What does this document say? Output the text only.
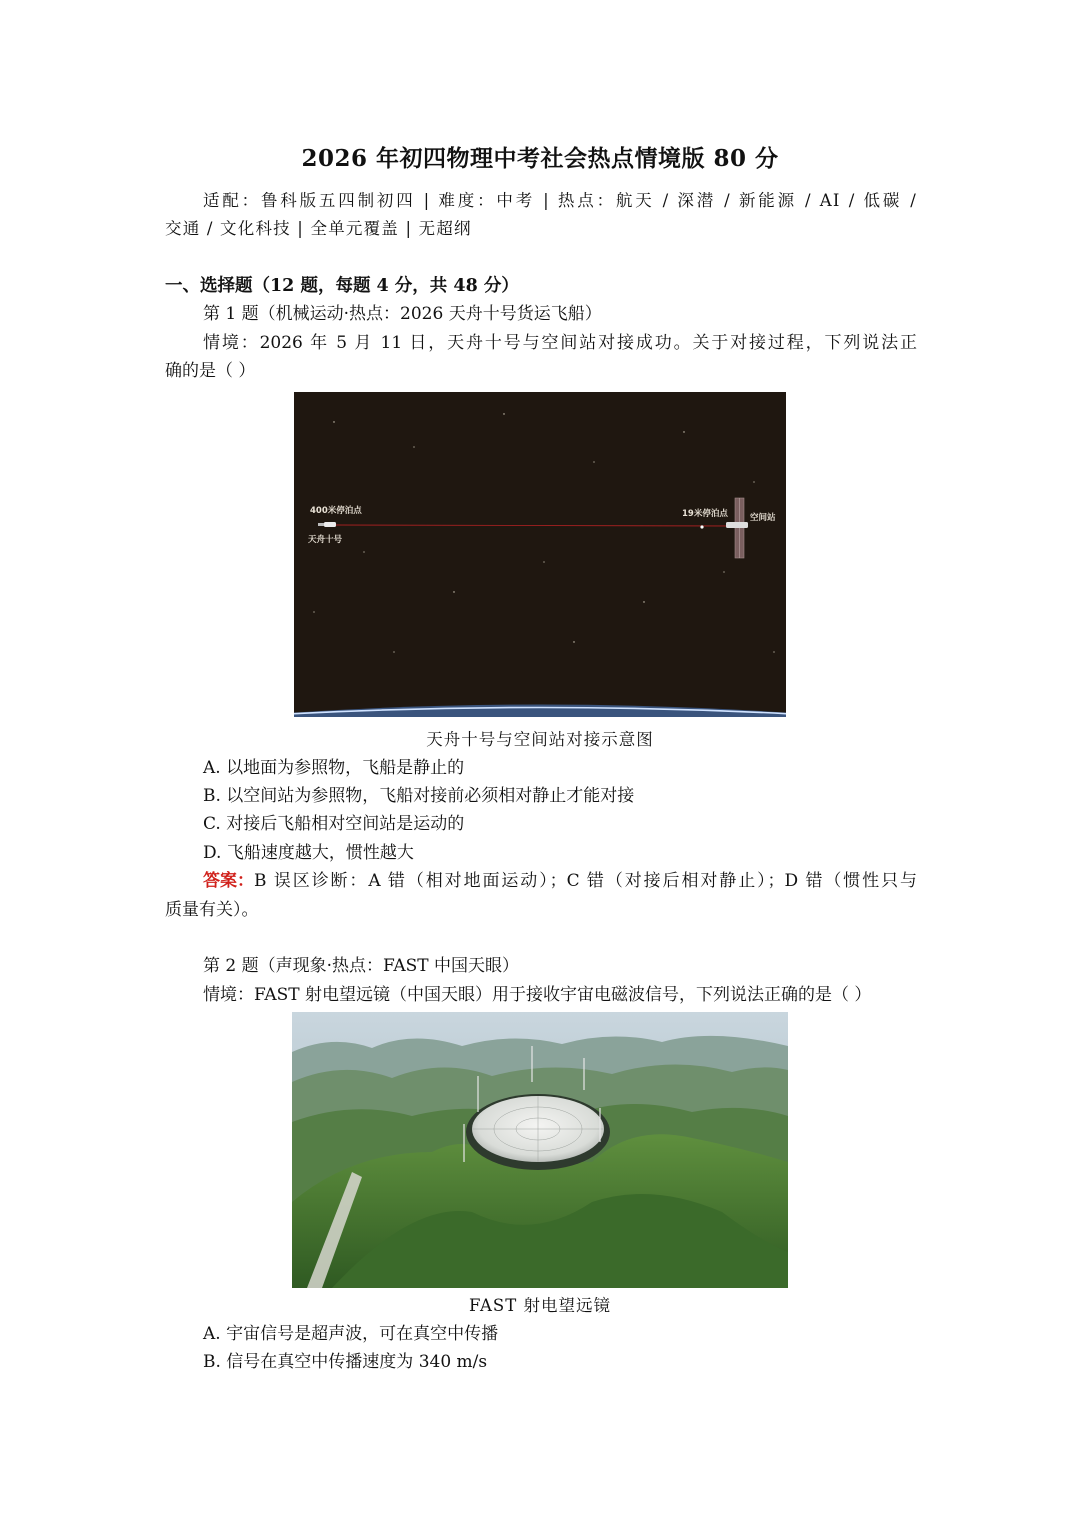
2026 年初四物理中考社会热点情境版 80 分
适配：鲁科版五四制初四 | 难度：中考 | 热点：航天 / 深潜 / 新能源 / AI / 低碳 /
交通 / 文化科技 | 全单元覆盖 | 无超纲
一、选择题（12 题，每题 4 分，共 48 分）
第 1 题（机械运动·热点：2026 天舟十号货运飞船）
情境：2026 年 5 月 11 日，天舟十号与空间站对接成功。关于对接过程，下列说法正
确的是（ ）
400米停泊点
天舟十号
19米停泊点	空间站
天舟十号与空间站对接示意图
A. 以地面为参照物，飞船是静止的
B. 以空间站为参照物，飞船对接前必须相对静止才能对接
C. 对接后飞船相对空间站是运动的
D. 飞船速度越大，惯性越大
答案： B 误区诊断：A 错（相对地面运动）；C 错（对接后相对静止）；D 错（惯性只与
质量有关）。
第 2 题（声现象·热点：FAST 中国天眼）
情境：FAST 射电望远镜（中国天眼）用于接收宇宙电磁波信号，下列说法正确的是（ ）
FAST 射电望远镜
A. 宇宙信号是超声波，可在真空中传播
B. 信号在真空中传播速度为 340 m/s
